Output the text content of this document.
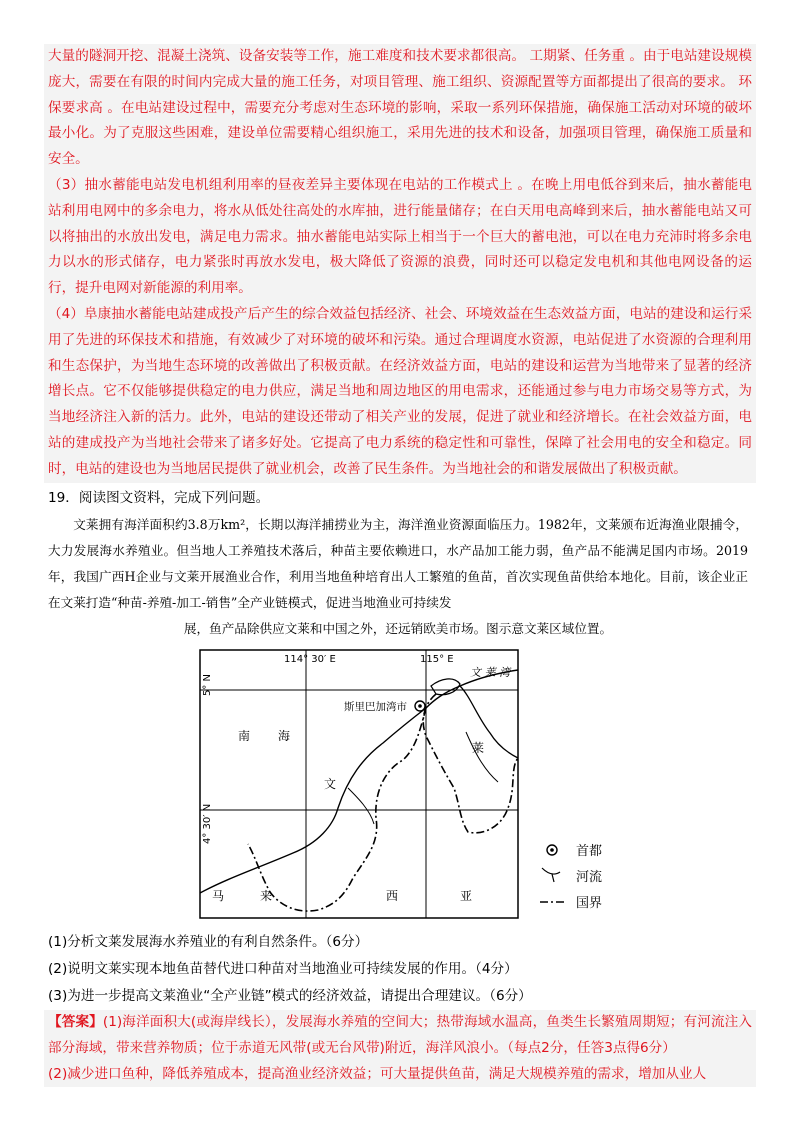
大量的隧洞开挖、混凝土浇筑、设备安装等工作，施工难度和技术要求都很高。 工期紧、任务重 。由于电站建设规模庞大，需要在有限的时间内完成大量的施工任务，对项目管理、施工组织、资源配置等方面都提出了很高的要求。 环保要求高 。在电站建设过程中，需要充分考虑对生态环境的影响，采取一系列环保措施，确保施工活动对环境的破坏最小化。为了克服这些困难，建设单位需要精心组织施工，采用先进的技术和设备，加强项目管理，确保施工质量和安全。

（3）抽水蓄能电站发电机组利用率的昼夜差异主要体现在电站的工作模式上 。在晚上用电低谷到来后，抽水蓄能电站利用电网中的多余电力，将水从低处往高处的水库抽，进行能量储存；在白天用电高峰到来后，抽水蓄能电站又可以将抽出的水放出发电，满足电力需求。抽水蓄能电站实际上相当于一个巨大的蓄电池，可以在电力充沛时将多余电力以水的形式储存，电力紧张时再放水发电，极大降低了资源的浪费，同时还可以稳定发电机和其他电网设备的运行，提升电网对新能源的利用率。

（4）阜康抽水蓄能电站建成投产后产生的综合效益包括经济、社会、环境效益在生态效益方面，电站的建设和运行采用了先进的环保技术和措施，有效减少了对环境的破坏和污染。通过合理调度水资源，电站促进了水资源的合理利用和生态保护，为当地生态环境的改善做出了积极贡献。在经济效益方面，电站的建设和运营为当地带来了显著的经济增长点。它不仅能够提供稳定的电力供应，满足当地和周边地区的用电需求，还能通过参与电力市场交易等方式，为当地经济注入新的活力。此外，电站的建设还带动了相关产业的发展，促进了就业和经济增长。在社会效益方面，电站的建成投产为当地社会带来了诸多好处。它提高了电力系统的稳定性和可靠性，保障了社会用电的安全和稳定。同时，电站的建设也为当地居民提供了就业机会，改善了民生条件。为当地社会的和谐发展做出了积极贡献。

19．阅读图文资料，完成下列问题。

文莱拥有海洋面积约3.8万km²，长期以海洋捕捞业为主，海洋渔业资源面临压力。1982年，文莱颁布近海渔业限捕令，大力发展海水养殖业。但当地人工养殖技术落后，种苗主要依赖进口，水产品加工能力弱，鱼产品不能满足国内市场。2019年，我国广西H企业与文莱开展渔业合作，利用当地鱼种培育出人工繁殖的鱼苗，首次实现鱼苗供给本地化。目前，该企业正在文莱打造“种苗-养殖-加工-销售”全产业链模式，促进当地渔业可持续发
展，鱼产品除供应文莱和中国之外，还远销欧美市场。图示意文莱区域位置。

114° 30′ E	115° E
5° N
4° 30′ N
文 莱 湾
斯里巴加湾市
南 海
文
莱
马	来	西	亚
首都
河流
国界

(1)分析文莱发展海水养殖业的有利自然条件。（6分）

(2)说明文莱实现本地鱼苗替代进口种苗对当地渔业可持续发展的作用。（4分）

(3)为进一步提高文莱渔业“全产业链”模式的经济效益，请提出合理建议。（6分）

【答案】(1)海洋面积大(或海岸线长），发展海水养殖的空间大；热带海域水温高，鱼类生长繁殖周期短；有河流注入部分海域，带来营养物质；位于赤道无风带(或无台风带)附近，海洋风浪小。（每点2分，任答3点得6分）

(2)减少进口鱼种，降低养殖成本，提高渔业经济效益；可大量提供鱼苗，满足大规模养殖的需求，增加从业人
